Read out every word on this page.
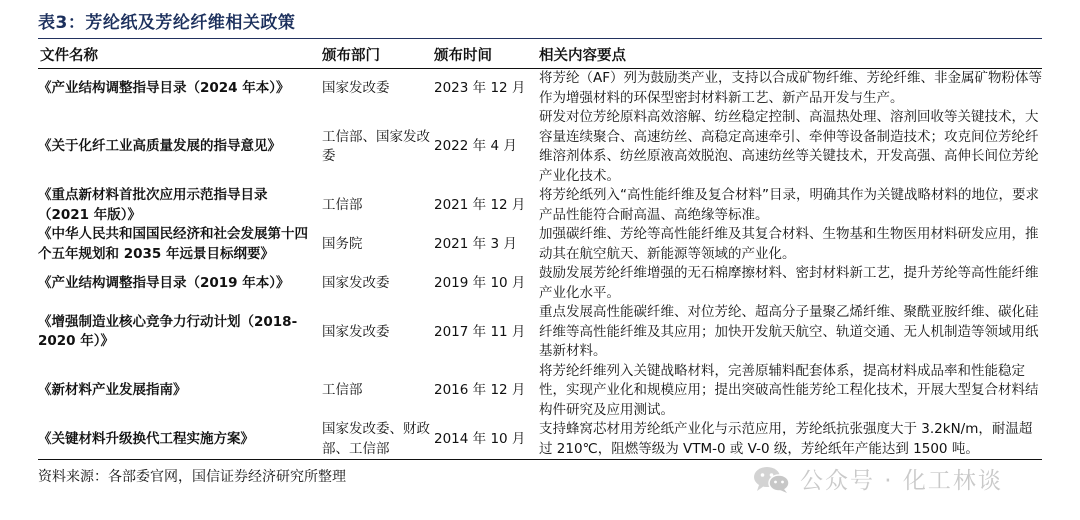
表3：芳纶纸及芳纶纤维相关政策
文件名称	颁布部门	颁布时间	相关内容要点
《产业结构调整指导目录（2024 年本）》	国家发改委	2023 年 12 月	将芳纶（AF）列为鼓励类产业，支持以合成矿物纤维、芳纶纤维、非金属矿物粉体等作为增强材料的环保型密封材料新工艺、新产品开发与生产。
《关于化纤工业高质量发展的指导意见》	工信部、国家发改委	2022 年 4 月	研发对位芳纶原料高效溶解、纺丝稳定控制、高温热处理、溶剂回收等关键技术，大容量连续聚合、高速纺丝、高稳定高速牵引、牵伸等设备制造技术；攻克间位芳纶纤维溶剂体系、纺丝原液高效脱泡、高速纺丝等关键技术，开发高强、高伸长间位芳纶产业化技术。
《重点新材料首批次应用示范指导目录（2021 年版）》	工信部	2021 年 12 月	将芳纶纸列入“高性能纤维及复合材料”目录，明确其作为关键战略材料的地位，要求产品性能符合耐高温、高绝缘等标准。
《中华人民共和国国民经济和社会发展第十四个五年规划和 2035 年远景目标纲要》	国务院	2021 年 3 月	加强碳纤维、芳纶等高性能纤维及其复合材料、生物基和生物医用材料研发应用，推动其在航空航天、新能源等领域的产业化。
《产业结构调整指导目录（2019 年本）》	国家发改委	2019 年 10 月	鼓励发展芳纶纤维增强的无石棉摩擦材料、密封材料新工艺，提升芳纶等高性能纤维产业化水平。
《增强制造业核心竞争力行动计划（2018-2020 年）》	国家发改委	2017 年 11 月	重点发展高性能碳纤维、对位芳纶、超高分子量聚乙烯纤维、聚酰亚胺纤维、碳化硅纤维等高性能纤维及其应用；加快开发航天航空、轨道交通、无人机制造等领域用纸基新材料。
《新材料产业发展指南》	工信部	2016 年 12 月	将芳纶纤维列入关键战略材料，完善原辅料配套体系，提高材料成品率和性能稳定性，实现产业化和规模应用；提出突破高性能芳纶工程化技术，开展大型复合材料结构件研究及应用测试。
《关键材料升级换代工程实施方案》	国家发改委、财政部、工信部	2014 年 10 月	支持蜂窝芯材用芳纶纸产业化与示范应用，芳纶纸抗张强度大于 3.2kN/m，耐温超过 210℃，阻燃等级为 VTM-0 或 V-0 级，芳纶纸年产能达到 1500 吨。
资料来源：各部委官网，国信证券经济研究所整理	公众号 · 化工林谈
